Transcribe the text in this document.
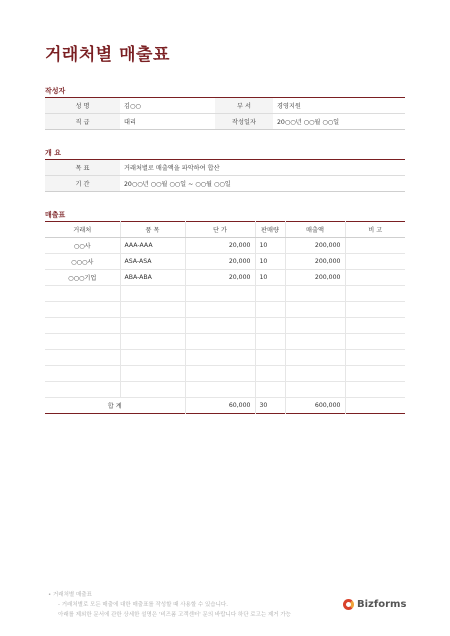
거래처별 매출표
작성자
성 명	김○○	부 서	경영지원
직 급	대리	작성일자	20○○년 ○○월 ○○일
개 요
목 표	거래처별로 매출액을 파악하여 합산
기 간	20○○년 ○○월 ○○일 ~ ○○월 ○○일
매출표
거래처	품 목	단 가	판매량	매출액	비 고
○○사	AAA-AAA	20,000	10	200,000	
○○○사	ASA-ASA	20,000	10	200,000	
○○○기업	ABA-ABA	20,000	10	200,000	

합 계		60,000	30	600,000	
• 거래처별 매출표
- 거래처별로 모든 매출에 대한 매출표를 작성할 때 사용할 수 있습니다.
아래를 제외한 문서에 관한 상세한 설명은 '비즈폼 고객센터' 문의 바랍니다 하단 로고는 제거 가능
Bizforms
